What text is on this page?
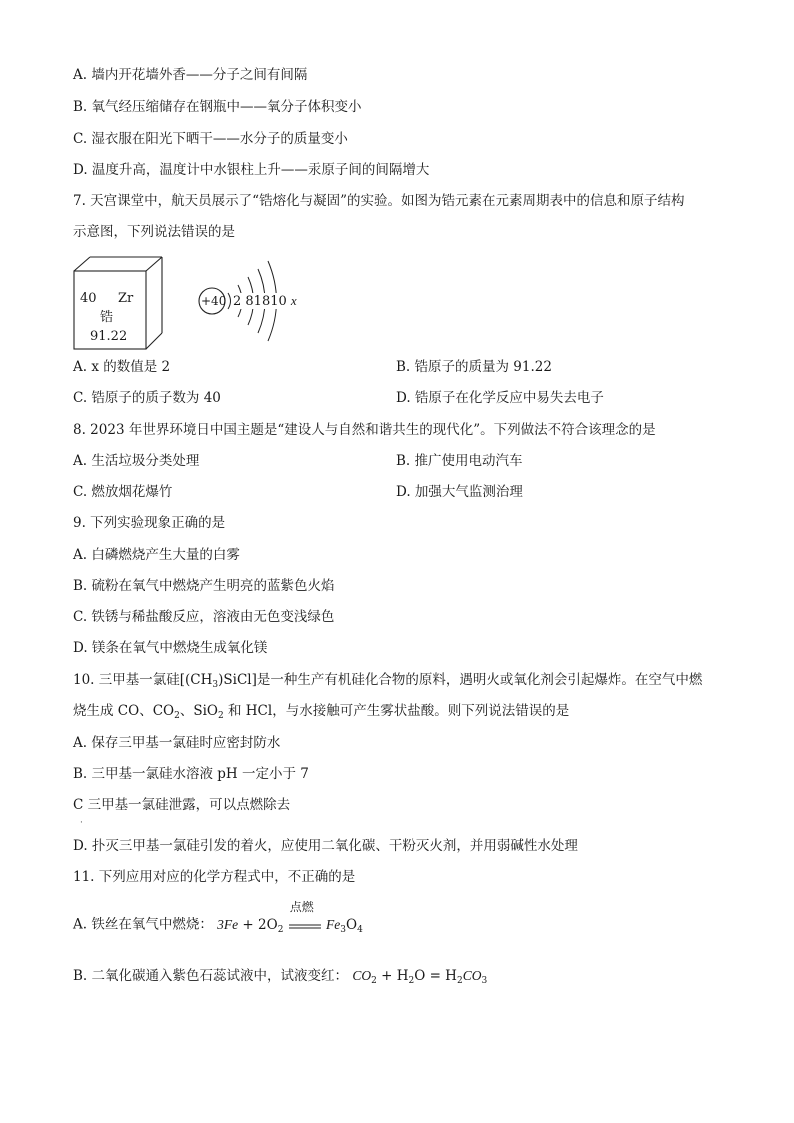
A. 墙内开花墙外香——分子之间有间隔
B. 氧气经压缩储存在钢瓶中——氧分子体积变小
C. 湿衣服在阳光下晒干——水分子的质量变小
D. 温度升高，温度计中水银柱上升——汞原子间的间隔增大
7. 天宫课堂中，航天员展示了“锆熔化与凝固”的实验。如图为锆元素在元素周期表中的信息和原子结构
示意图，下列说法错误的是
40 Zr
锆
91.22
+40 2 81810 x
A. x 的数值是 2	B. 锆原子的质量为 91.22
C. 锆原子的质子数为 40	D. 锆原子在化学反应中易失去电子
8. 2023 年世界环境日中国主题是“建设人与自然和谐共生的现代化”。下列做法不符合该理念的是
A. 生活垃圾分类处理	B. 推广使用电动汽车
C. 燃放烟花爆竹	D. 加强大气监测治理
9. 下列实验现象正确的是
A. 白磷燃烧产生大量的白雾
B. 硫粉在氧气中燃烧产生明亮的蓝紫色火焰
C. 铁锈与稀盐酸反应，溶液由无色变浅绿色
D. 镁条在氧气中燃烧生成氧化镁
10. 三甲基一氯硅$[(CH_3)SiCl]$是一种生产有机硅化合物的原料，遇明火或氧化剂会引起爆炸。在空气中燃
烧生成 CO、$CO_2$、SiO$_2$ 和 HCl，与水接触可产生雾状盐酸。则下列说法错误的是
A. 保存三甲基一氯硅时应密封防水
B. 三甲基一氯硅水溶液 pH 一定小于 7
C 三甲基一氯硅泄露，可以点燃除去
·
D. 扑灭三甲基一氯硅引发的着火，应使用二氧化碳、干粉灭火剂，并用弱碱性水处理
11. 下列应用对应的化学方程式中，不正确的是
A. 铁丝在氧气中燃烧： $3Fe + 2O_2$
点燃
$Fe_3O_4$
B. 二氧化碳通入紫色石蕊试液中，试液变红： $CO_2 + H_2O = H_2CO_3$
